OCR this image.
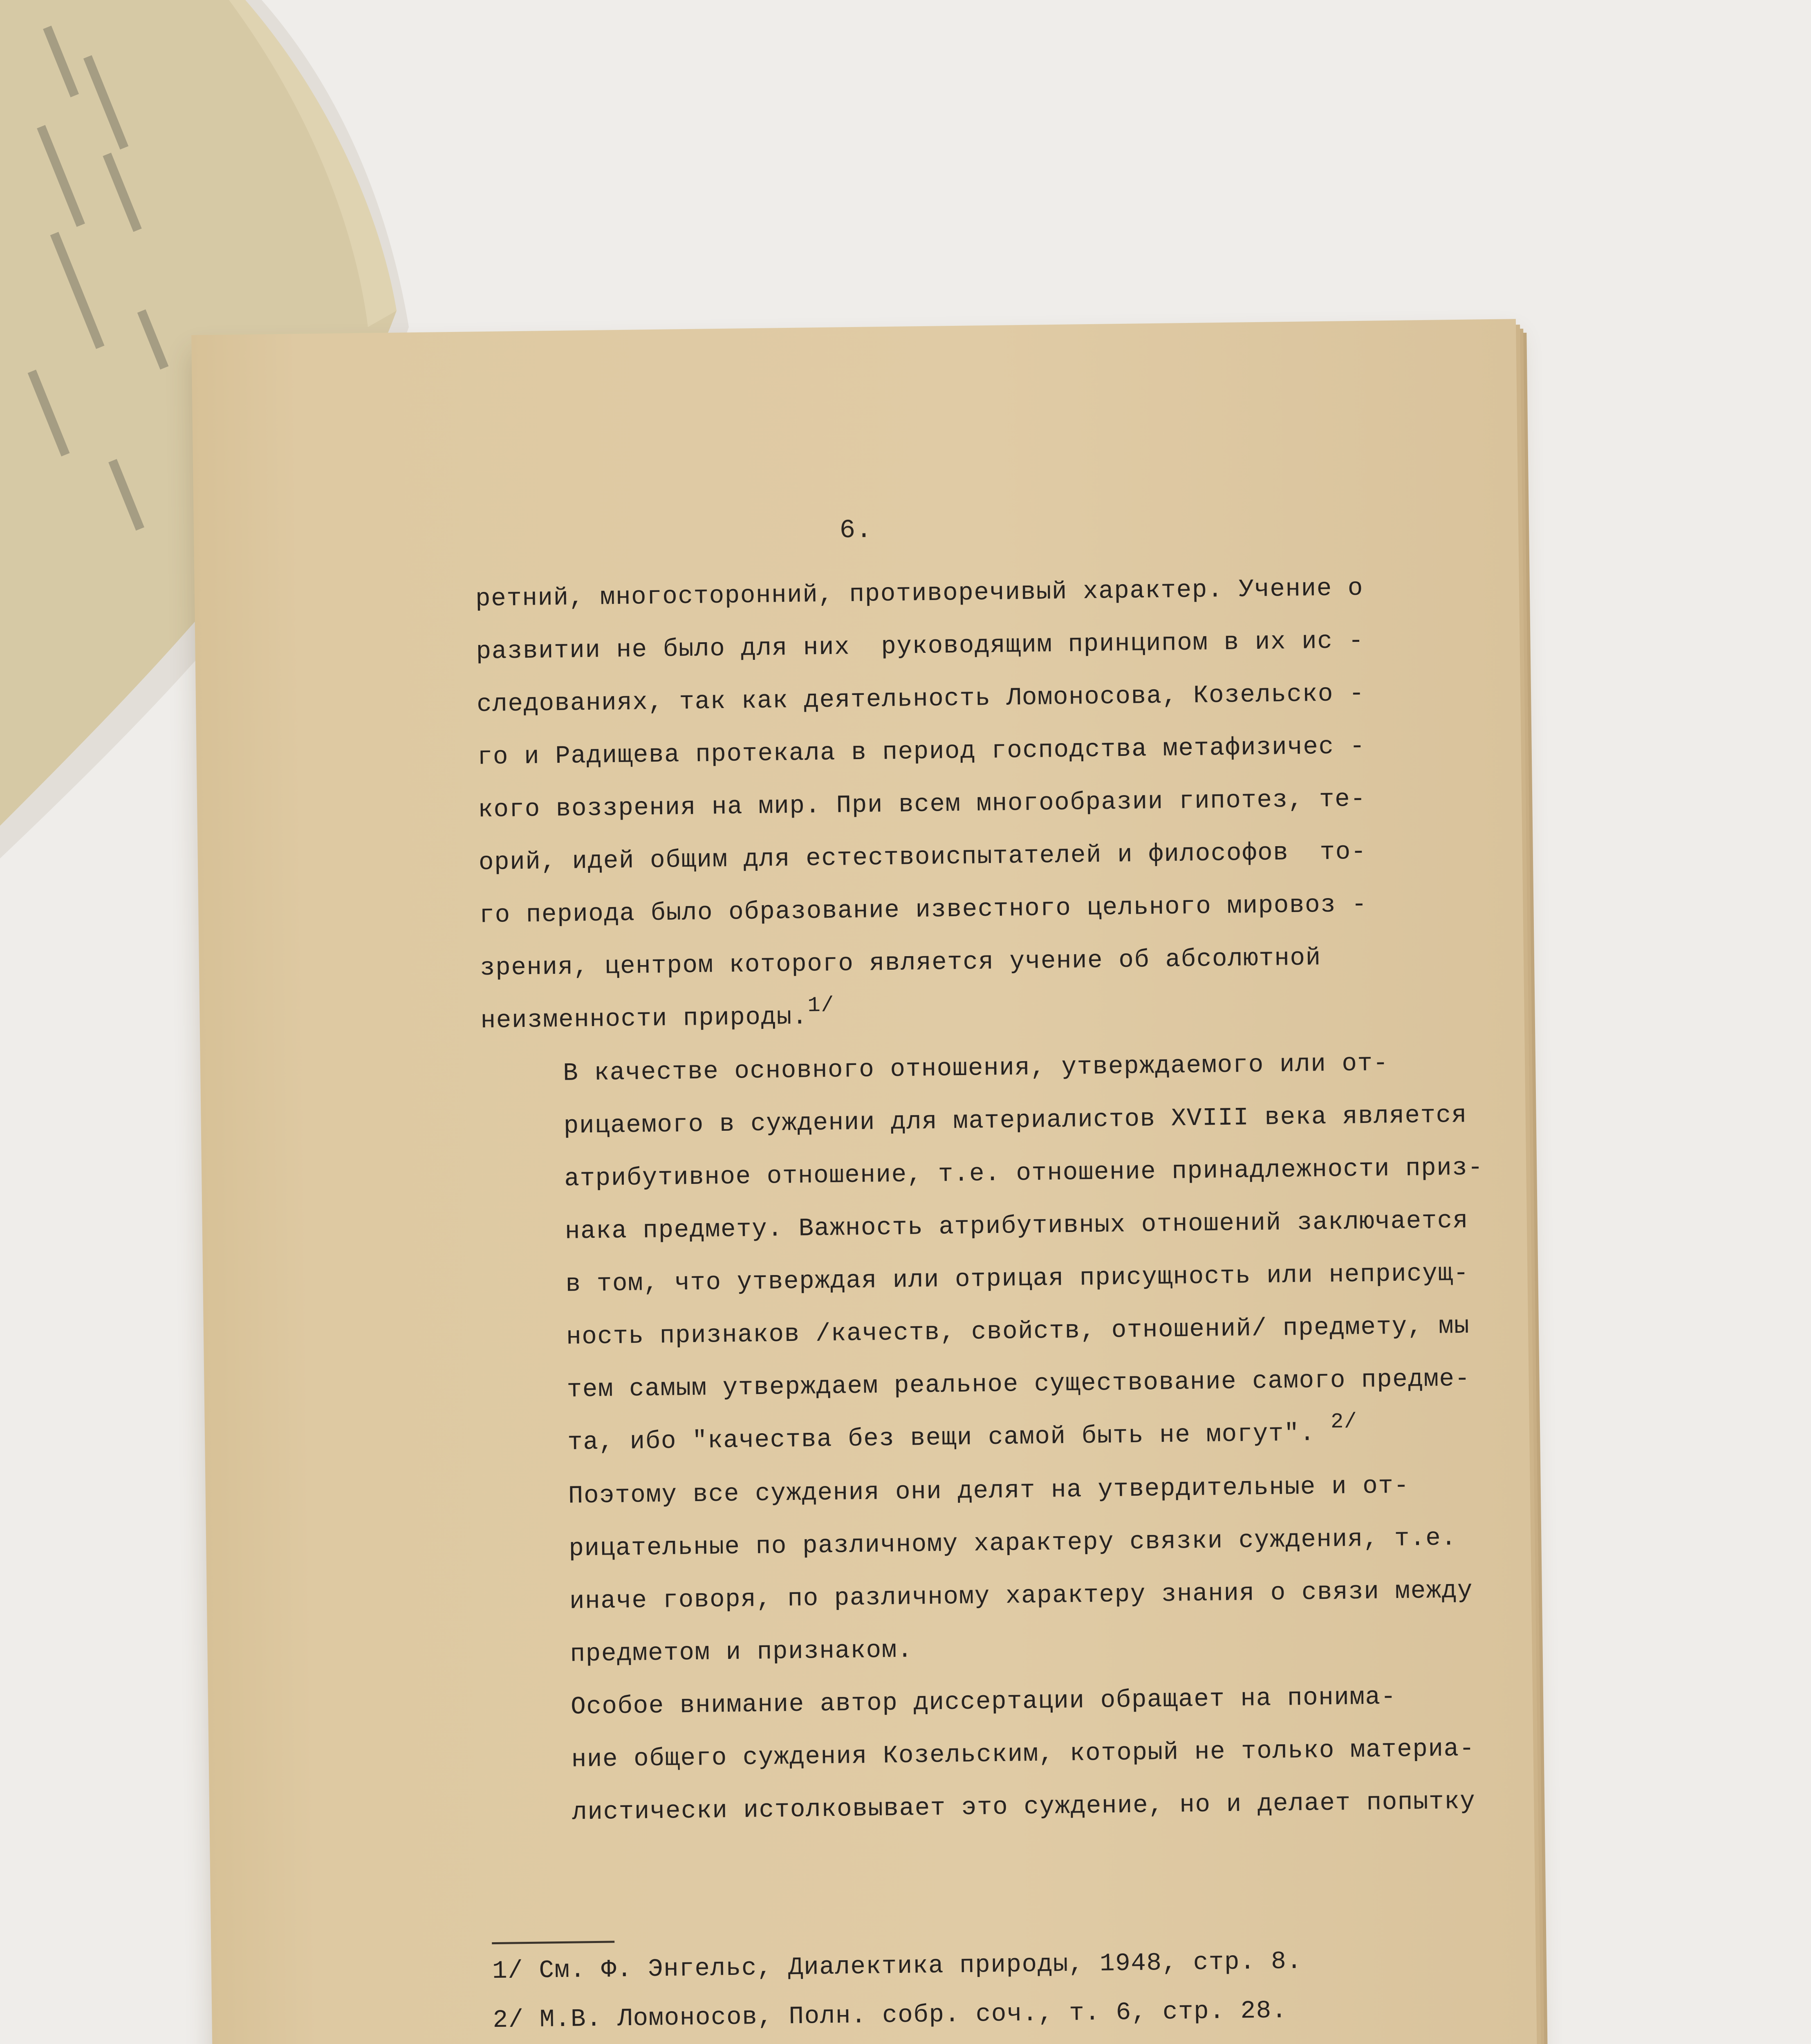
6.

ретний, многосторонний, противоречивый характер. Учение о
развитии не было для них  руководящим принципом в их ис -
следованиях, так как деятельность Ломоносова, Козельско -
го и Радищева протекала в период господства метафизичес -
кого воззрения на мир. При всем многообразии гипотез, те-
орий, идей общим для естествоиспытателей и философов  то-
го периода было образование известного цельного мировоз -
зрения, центром которого является учение об абсолютной
неизменности природы.1/

В качестве основного отношения, утверждаемого или от-
рицаемого в суждении для материалистов XVIII века является
атрибутивное отношение, т.е. отношение принадлежности приз-
нака предмету. Важность атрибутивных отношений заключается
в том, что утверждая или отрицая присущность или неприсущ-
ность признаков /качеств, свойств, отношений/ предмету, мы
тем самым утверждаем реальное существование самого предме-
та, ибо "качества без вещи самой быть не могут". 2/

Поэтому все суждения они делят на утвердительные и от-
рицательные по различному характеру связки суждения, т.е.
иначе говоря, по различному характеру знания о связи между
предметом и признаком.

Особое внимание автор диссертации обращает на понима-
ние общего суждения Козельским, который не только материа-
листически истолковывает это суждение, но и делает попытку

1/ См. Ф. Энгельс, Диалектика природы, 1948, стр. 8.
2/ М.В. Ломоносов, Полн. собр. соч., т. 6, стр. 28.
